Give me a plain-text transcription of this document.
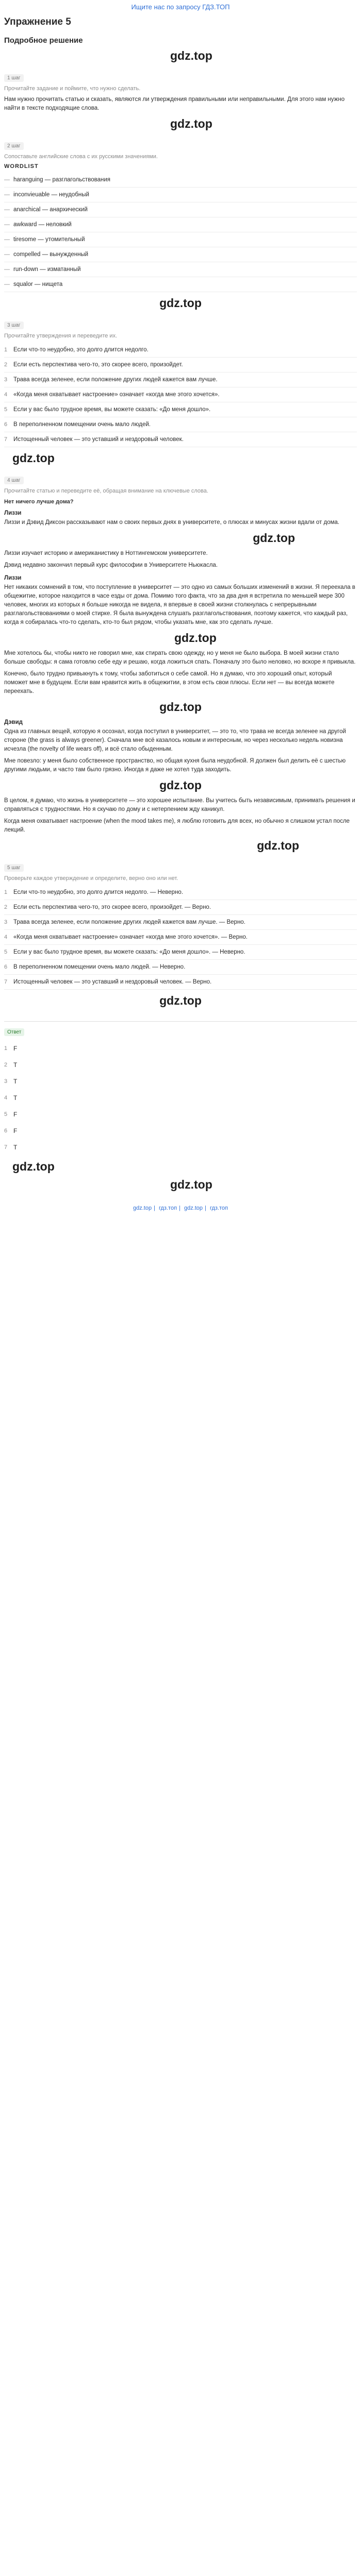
Ищите нас по запросу ГДЗ.ТОП
Упражнение 5
Подробное решение
gdz.top
1 шаг
Прочитайте задание и поймите, что нужно сделать.
Нам нужно прочитать статью и сказать, являются ли утверждения правильными или неправильными. Для этого нам нужно найти в тексте подходящие слова.
gdz.top
2 шаг
Сопоставьте английские слова с их русскими значениями.
WORDLIST
— haranguing — разглагольствования
— inconvieuable — неудобный
— anarchical — анархический
— awkward — неловкий
— tiresome — утомительный
— compelled — вынужденный
— run-down — изматанный
— squalor — нищета
gdz.top
3 шаг
Прочитайте утверждения и переведите их.
1 Если что-то неудобно, это долго длится недолго.
2 Если есть перспектива чего-то, это скорее всего, произойдет.
3 Трава всегда зеленее, если положение других людей кажется вам лучше.
4 «Когда меня охватывает настроение» означает «когда мне этого хочется».
5 Если у вас было трудное время, вы можете сказать: «До меня дошло».
6 В переполненном помещении очень мало людей.
7 Истощенный человек — это уставший и нездоровый человек.
gdz.top
4 шаг
Прочитайте статью и переведите её, обращая внимание на ключевые слова.
Нет ничего лучше дома?
Лиззи
Лиззи и Дэвид Диксон рассказывают нам о своих первых днях в университете, о плюсах и минусах жизни вдали от дома.
gdz.top
Лиззи изучает историю и американистику в Ноттингемском университете.
Дэвид недавно закончил первый курс философии в Университете Ньюкасла.
Лиззи
Нет никаких сомнений в том, что поступление в университет — это одно из самых больших изменений в жизни. Я переехала в общежитие, которое находится в часе езды от дома. Помимо того факта, что за два дня я встретила по меньшей мере 300 человек, многих из которых я больше никогда не видела, я впервые в своей жизни столкнулась с непрерывными разглагольствованиями о моей стирке. Я была вынуждена слушать разглагольствования, поэтому кажется, что каждый раз, когда я собиралась что-то сделать, кто-то был рядом, чтобы указать мне, как это сделать лучше.
gdz.top
Мне хотелось бы, чтобы никто не говорил мне, как стирать свою одежду, но у меня не было выбора. В моей жизни стало больше свободы: я сама готовлю себе еду и решаю, когда ложиться спать. Поначалу это было неловко, но вскоре я привыкла.
Конечно, было трудно привыкнуть к тому, чтобы заботиться о себе самой. Но я думаю, что это хороший опыт, который поможет мне в будущем. Если вам нравится жить в общежитии, в этом есть свои плюсы. Если нет — вы всегда можете переехать.
gdz.top
Дэвид
Одна из главных вещей, которую я осознал, когда поступил в университет, — это то, что трава не всегда зеленее на другой стороне (the grass is always greener). Сначала мне всё казалось новым и интересным, но через несколько недель новизна исчезла (the novelty of life wears off), и всё стало обыденным.
Мне повезло: у меня было собственное пространство, но общая кухня была неудобной. Я должен был делить её с шестью другими людьми, и часто там было грязно. Иногда я даже не хотел туда заходить.
gdz.top
В целом, я думаю, что жизнь в университете — это хорошее испытание. Вы учитесь быть независимым, принимать решения и справляться с трудностями. Но я скучаю по дому и с нетерпением жду каникул.
Когда меня охватывает настроение (when the mood takes me), я люблю готовить для всех, но обычно я слишком устал после лекций.
gdz.top
5 шаг
Проверьте каждое утверждение и определите, верно оно или нет.
1 Если что-то неудобно, это долго длится недолго. — Неверно.
2 Если есть перспектива чего-то, это скорее всего, произойдет. — Верно.
3 Трава всегда зеленее, если положение других людей кажется вам лучше. — Верно.
4 «Когда меня охватывает настроение» означает «когда мне этого хочется». — Верно.
5 Если у вас было трудное время, вы можете сказать: «До меня дошло». — Неверно.
6 В переполненном помещении очень мало людей. — Неверно.
7 Истощенный человек — это уставший и нездоровый человек. — Верно.
gdz.top
Ответ
1 F
2 T
3 T
4 T
5 F
6 F
7 T
gdz.top
gdz.top
gdz.top | гдз.топ | gdz.top | гдз.топ
